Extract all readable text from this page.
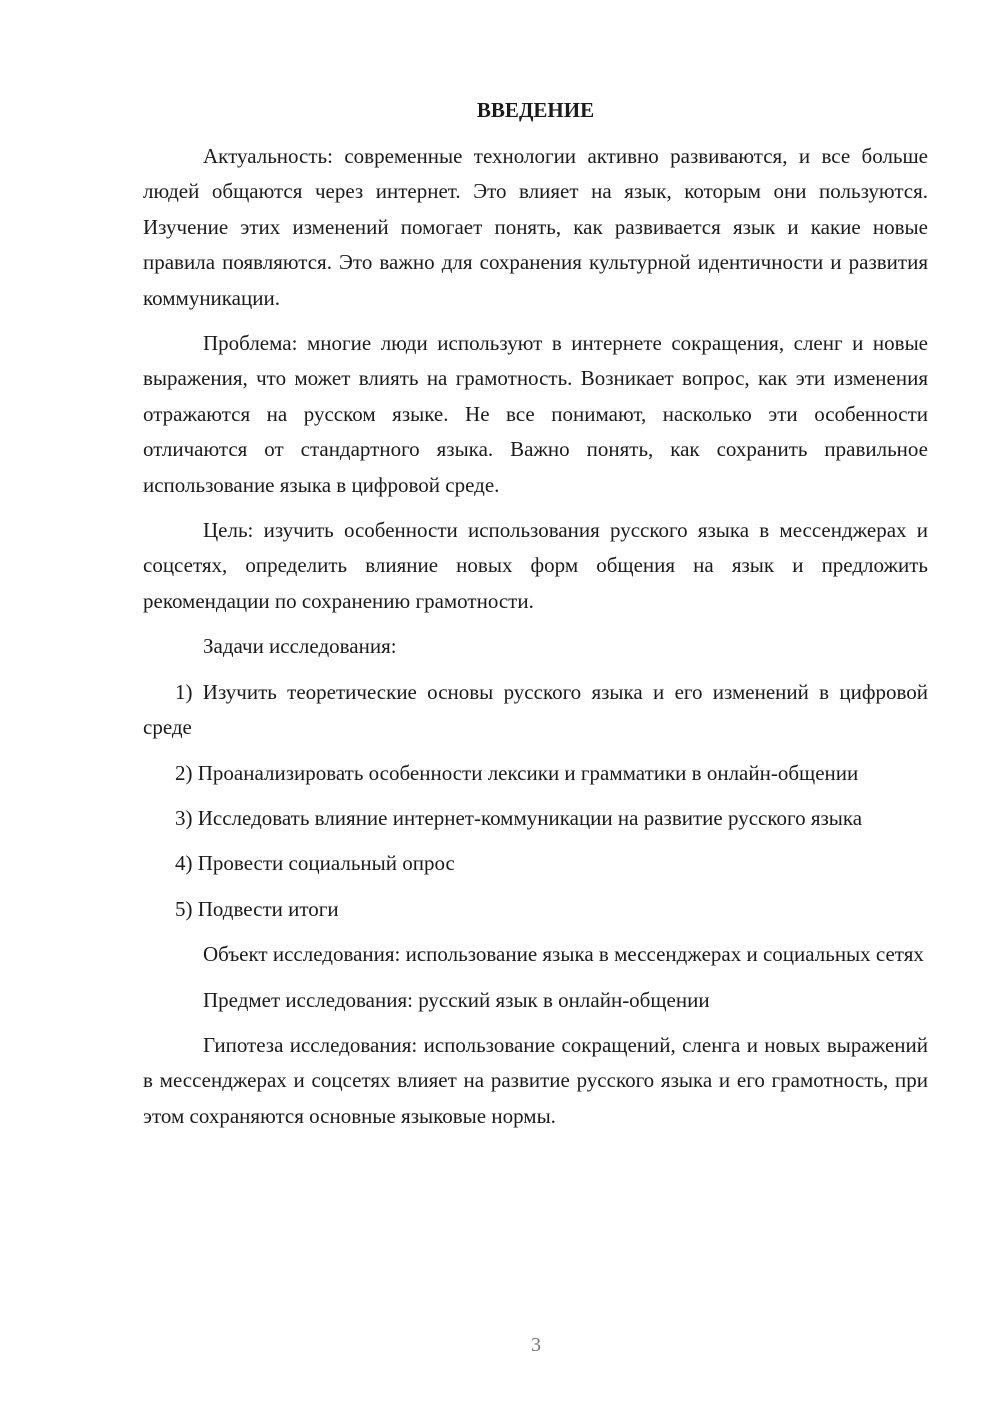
ВВЕДЕНИЕ

Актуальность: современные технологии активно развиваются, и все больше людей общаются через интернет. Это влияет на язык, которым они пользуются. Изучение этих изменений помогает понять, как развивается язык и какие новые правила появляются. Это важно для сохранения культурной идентичности и развития коммуникации.

Проблема: многие люди используют в интернете сокращения, сленг и новые выражения, что может влиять на грамотность. Возникает вопрос, как эти изменения отражаются на русском языке. Не все понимают, насколько эти особенности отличаются от стандартного языка. Важно понять, как сохранить правильное использование языка в цифровой среде.

Цель: изучить особенности использования русского языка в мессенджерах и соцсетях, определить влияние новых форм общения на язык и предложить рекомендации по сохранению грамотности.

Задачи исследования:

1) Изучить теоретические основы русского языка и его изменений в цифровой среде

2) Проанализировать особенности лексики и грамматики в онлайн-общении

3) Исследовать влияние интернет-коммуникации на развитие русского языка

4) Провести социальный опрос

5) Подвести итоги

Объект исследования: использование языка в мессенджерах и социальных сетях

Предмет исследования: русский язык в онлайн-общении

Гипотеза исследования: использование сокращений, сленга и новых выражений в мессенджерах и соцсетях влияет на развитие русского языка и его грамотность, при этом сохраняются основные языковые нормы.

3
